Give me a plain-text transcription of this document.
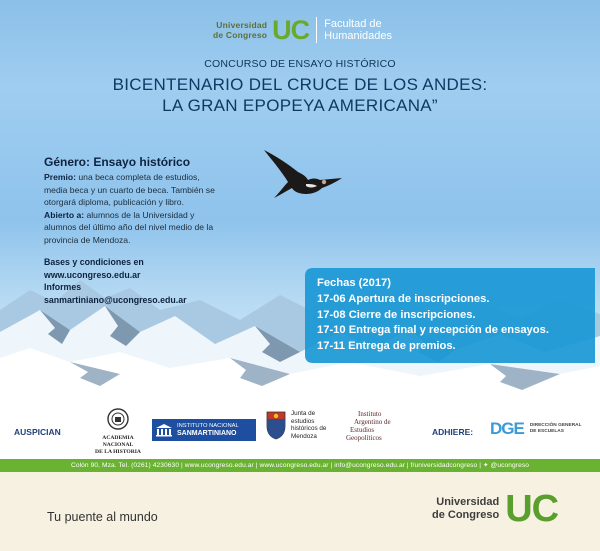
Universidad
de Congreso UC Facultad de
Humanidades
CONCURSO DE ENSAYO HISTÓRICO
BICENTENARIO DEL CRUCE DE LOS ANDES:
LA GRAN EPOPEYA AMERICANA”
Género: Ensayo histórico
Premio: una beca completa de estudios, media beca y un cuarto de beca. También se otorgará diploma, publicación y libro.
Abierto a: alumnos de la Universidad y alumnos del último año del nivel medio de la provincia de Mendoza.
Bases y condiciones en
www.ucongreso.edu.ar
Informes
sanmartiniano@ucongreso.edu.ar
Fechas (2017)
17-06 Apertura de inscripciones.
17-08 Cierre de inscripciones.
17-10 Entrega final y recepción de ensayos.
17-11 Entrega de premios.
AUSPICIAN
ACADEMIA NACIONAL
DE LA HISTORIA
INSTITUTO NACIONAL
SANMARTINIANO
Junta de
estudios
históricos de
Mendoza
Instituto
Argentino de
Estudios
Geopolíticos
ADHIERE: DGE DIRECCIÓN GENERAL
DE ESCUELAS
Colón 90, Mza. Tel. (0261) 4230630 | www.ucongreso.edu.ar | www.ucongreso.edu.ar | info@ucongreso.edu.ar | f/universidadcongreso | ✦ @ucongreso
Tu puente al mundo
Universidad
de Congreso UC
